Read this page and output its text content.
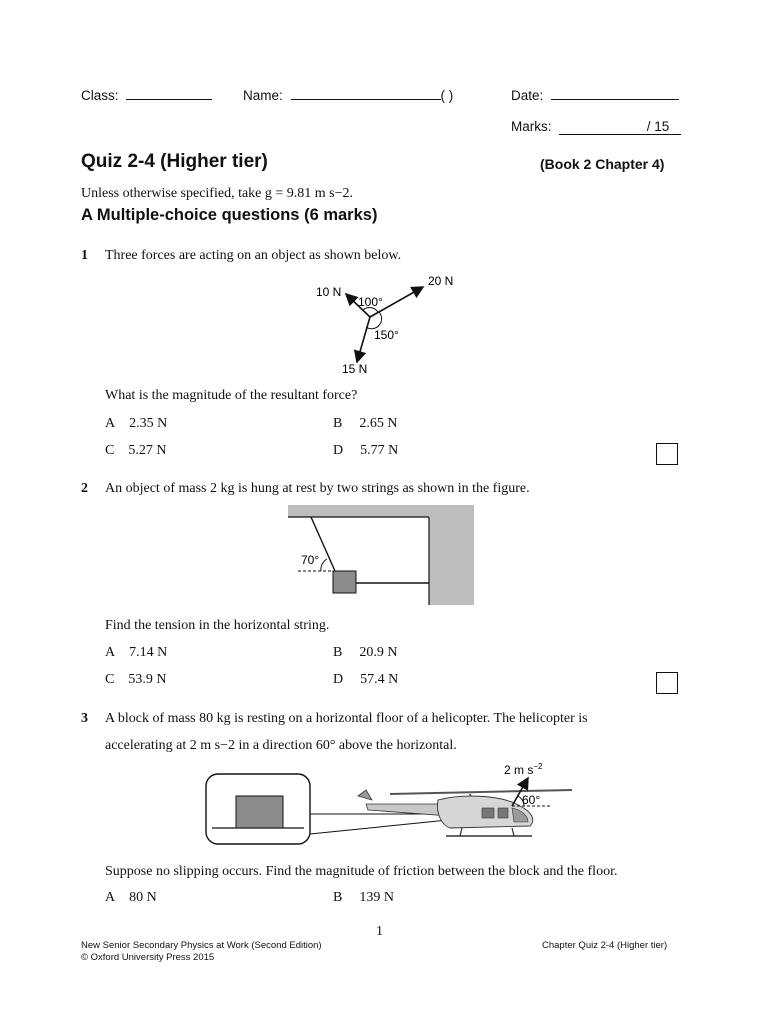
Class:	Name:	( )	Date:
Marks:	/ 15
Quiz 2-4 (Higher tier)	(Book 2 Chapter 4)
Unless otherwise specified, take g = 9.81 m s−2.
A Multiple-choice questions (6 marks)
1 Three forces are acting on an object as shown below.
10 N
20 N
15 N
100°
150°
What is the magnitude of the resultant force?
A 2.35 N	B 2.65 N
C 5.27 N	D 5.77 N
2 An object of mass 2 kg is hung at rest by two strings as shown in the figure.
70°
Find the tension in the horizontal string.
A 7.14 N	B 20.9 N
C 53.9 N	D 57.4 N
3 A block of mass 80 kg is resting on a horizontal floor of a helicopter. The helicopter is
accelerating at 2 m s−2 in a direction 60° above the horizontal.
2 m $s^{-2}$
60°
Suppose no slipping occurs. Find the magnitude of friction between the block and the floor.
A 80 N	B 139 N
1
New Senior Secondary Physics at Work (Second Edition)
© Oxford University Press 2015
Chapter Quiz 2-4 (Higher tier)
